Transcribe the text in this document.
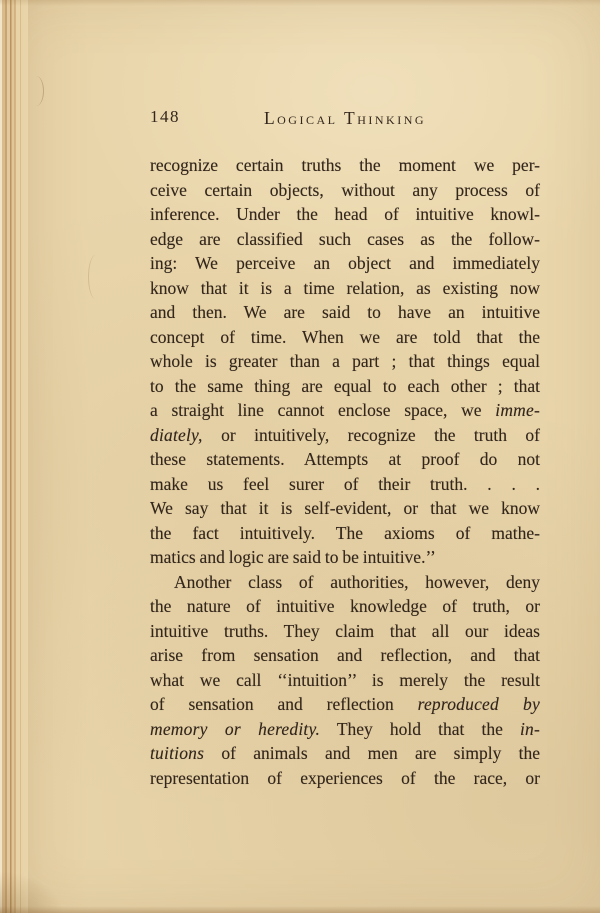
148	Logical Thinking
recognize certain truths the moment we per-
ceive certain objects, without any process of
inference. Under the head of intuitive knowl-
edge are classified such cases as the follow-
ing: We perceive an object and immediately
know that it is a time relation, as existing now
and then. We are said to have an intuitive
concept of time. When we are told that the
whole is greater than a part ; that things equal
to the same thing are equal to each other ; that
a straight line cannot enclose space, we imme-
diately, or intuitively, recognize the truth of
these statements. Attempts at proof do not
make us feel surer of their truth. . . .
We say that it is self-evident, or that we know
the fact intuitively. The axioms of mathe-
matics and logic are said to be intuitive.’’
Another class of authorities, however, deny
the nature of intuitive knowledge of truth, or
intuitive truths. They claim that all our ideas
arise from sensation and reflection, and that
what we call ‘‘intuition’’ is merely the result
of sensation and reflection reproduced by
memory or heredity. They hold that the in-
tuitions of animals and men are simply the
representation of experiences of the race, or
